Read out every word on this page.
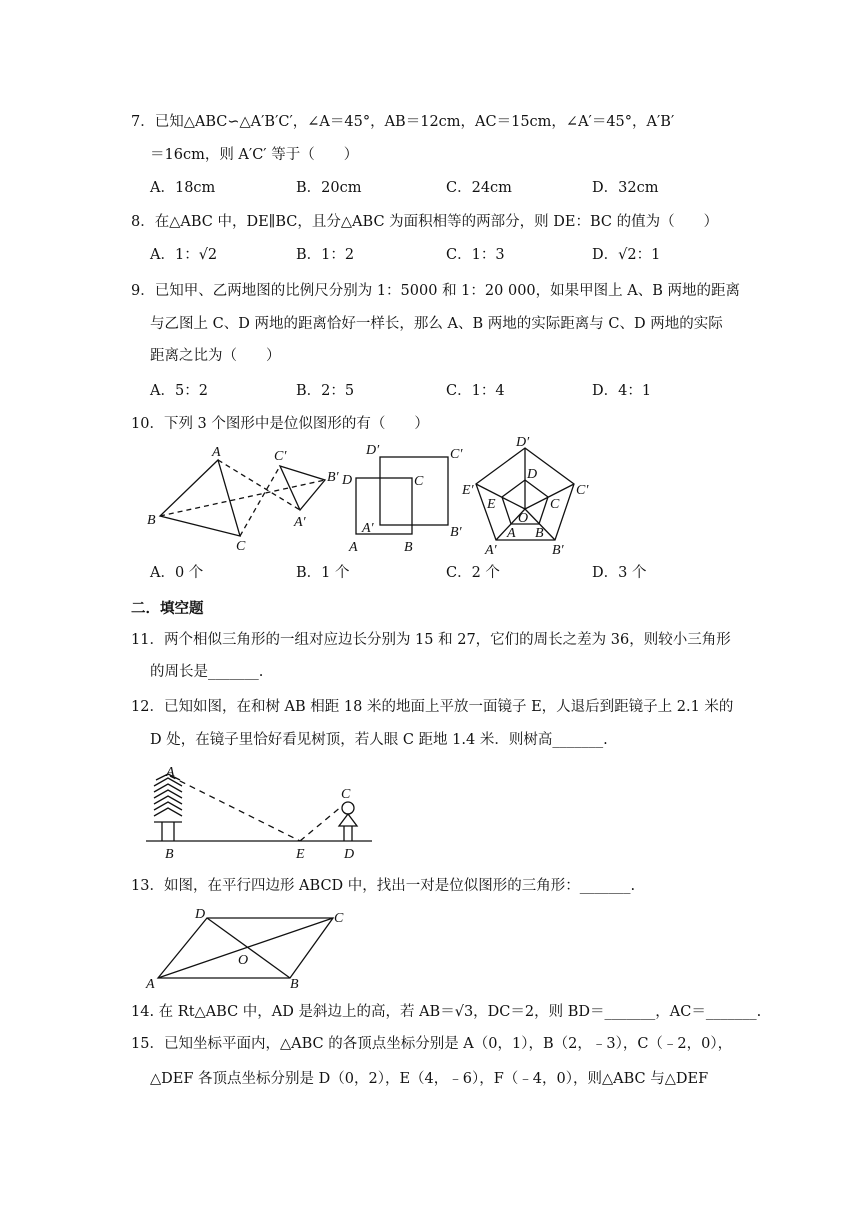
7．已知△ABC∽△A′B′C′，∠A＝45°，AB＝12cm，AC＝15cm，∠A′＝45°，A′B′
＝16cm，则 A′C′ 等于（　　）
A．18cm	B．20cm	C．24cm	D．32cm
8．在△ABC 中，DE∥BC，且分△ABC 为面积相等的两部分，则 DE：BC 的值为（　　）
A．1：√2	B．1：2	C．1：3	D．√2：1
9．已知甲、乙两地图的比例尺分别为 1：5000 和 1：20 000，如果甲图上 A、B 两地的距离
与乙图上 C、D 两地的距离恰好一样长，那么 A、B 两地的实际距离与 C、D 两地的实际
距离之比为（　　）
A．5：2	B．2：5	C．1：4	D．4：1
10．下列 3 个图形中是位似图形的有（　　）
A
B
C
C′
B′
A′
D′	C′
D	C
A′
A	B
B′
D′
D
E′
E	C
C′
O
A B
A′	B′
A．0 个	B．1 个	C．2 个	D．3 个
二．填空题
11．两个相似三角形的一组对应边长分别为 15 和 27，它们的周长之差为 36，则较小三角形
的周长是_______.
12．已知如图，在和树 AB 相距 18 米的地面上平放一面镜子 E，人退后到距镜子上 2.1 米的
D 处，在镜子里恰好看见树顶，若人眼 C 距地 1.4 米．则树高_______.
A
B	E
C
D
13．如图，在平行四边形 ABCD 中，找出一对是位似图形的三角形：_______.
D	C
A	B
O
14. 在 Rt△ABC 中，AD 是斜边上的高，若 AB＝√3，DC＝2，则 BD＝_______，AC＝_______.
15．已知坐标平面内，△ABC 的各顶点坐标分别是 A（0，1），B（2，﹣3），C（﹣2，0），
△DEF 各顶点坐标分别是 D（0，2），E（4，﹣6），F（﹣4，0），则△ABC 与△DEF
